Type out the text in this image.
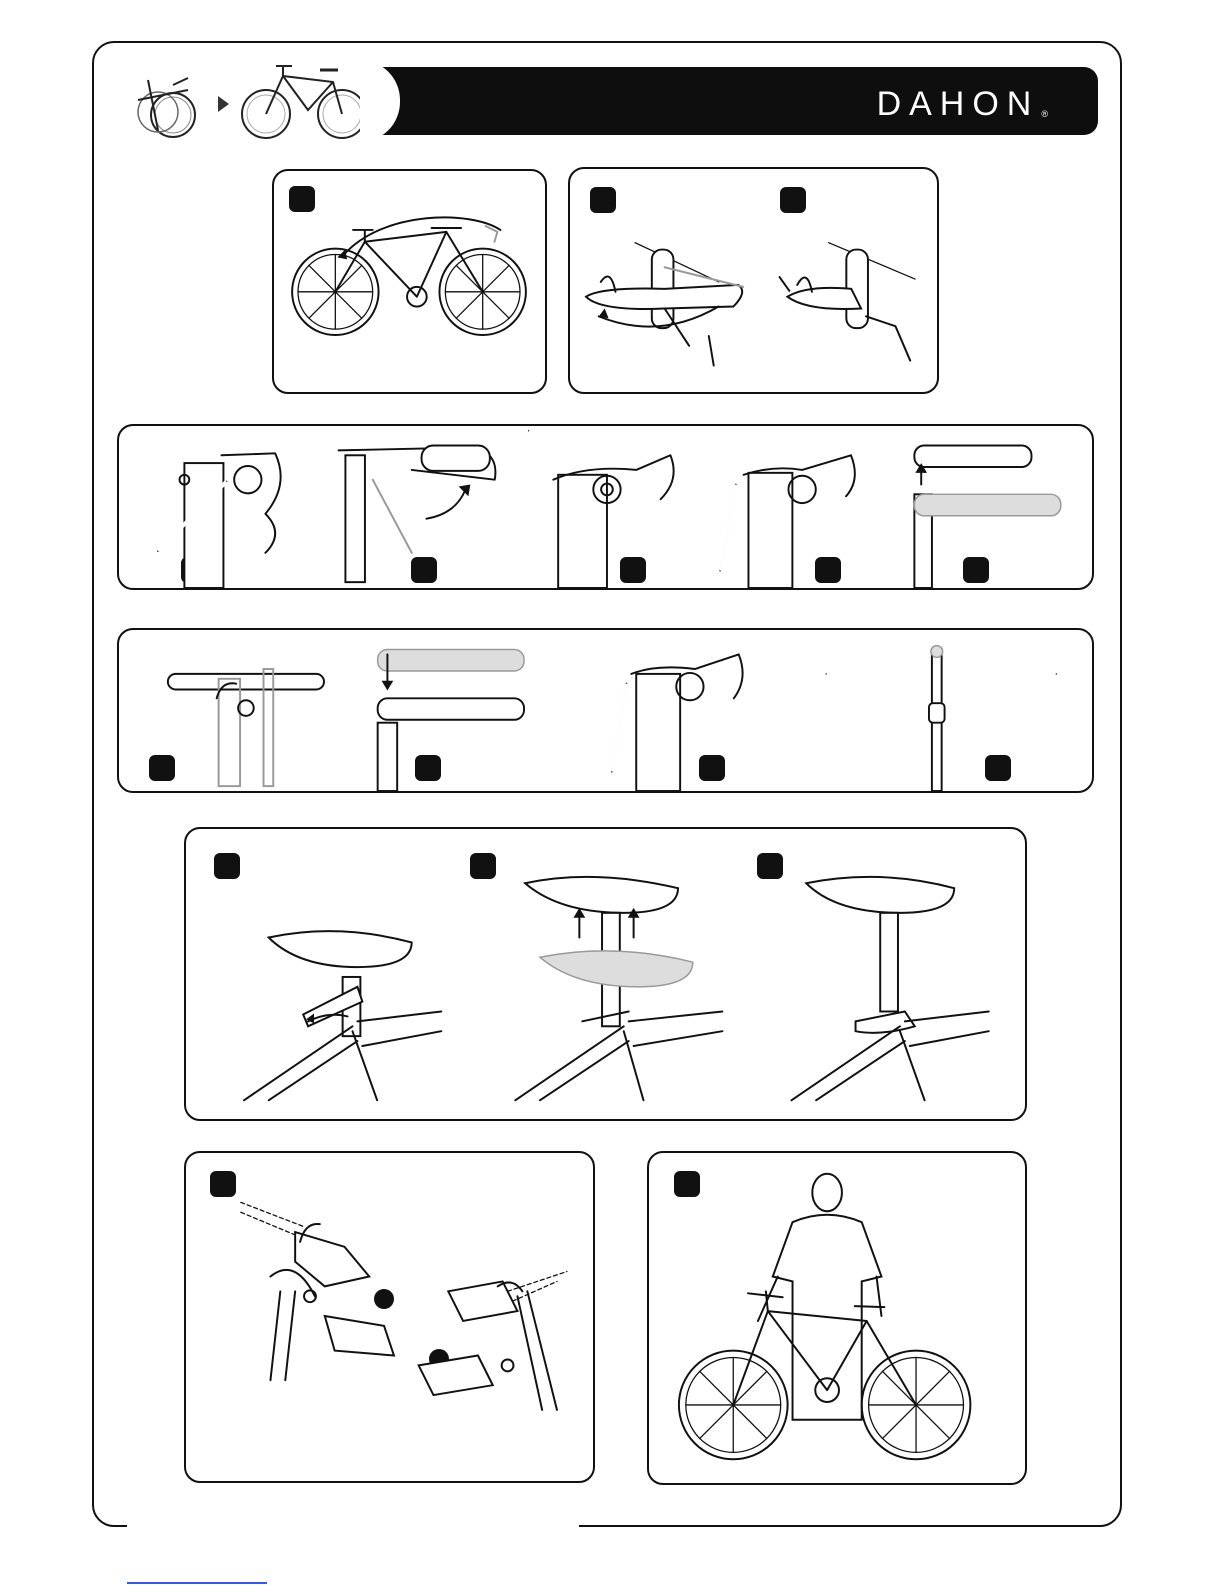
DAHON ®
